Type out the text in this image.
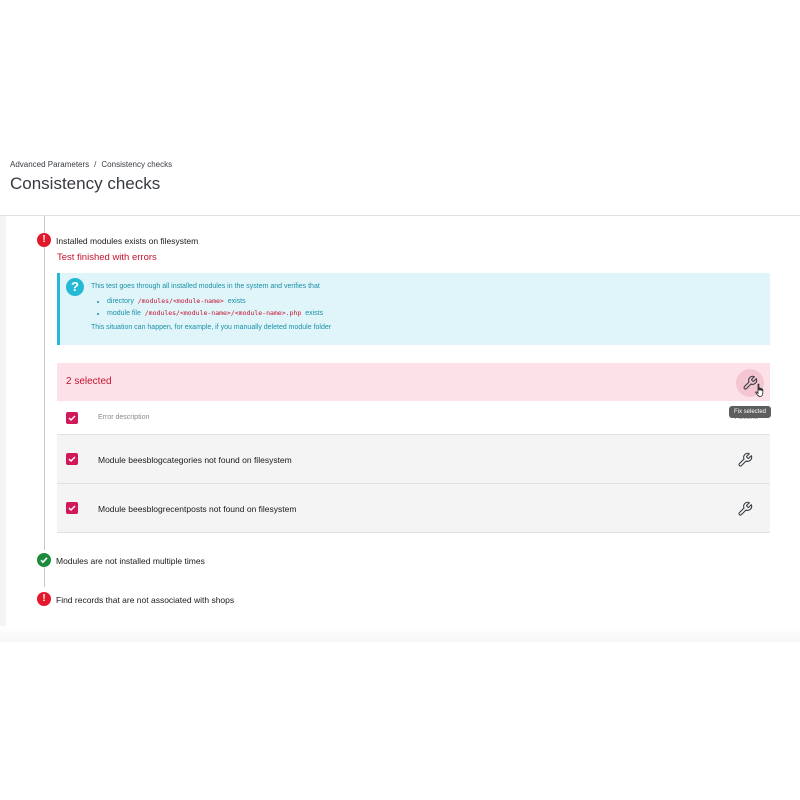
Advanced Parameters / Consistency checks
Consistency checks
!	Installed modules exists on filesystem
Test finished with errors
?	This test goes through all installed modules in the system and verifies that
• directory /modules/<module-name> exists
• module file /modules/<module-name>/<module-name>.php exists
This situation can happen, for example, if you manually deleted module folder
2 selected
Error description
Fix selected
Module beesblogcategories not found on filesystem
Module beesblogrecentposts not found on filesystem
Modules are not installed multiple times
!	Find records that are not associated with shops
